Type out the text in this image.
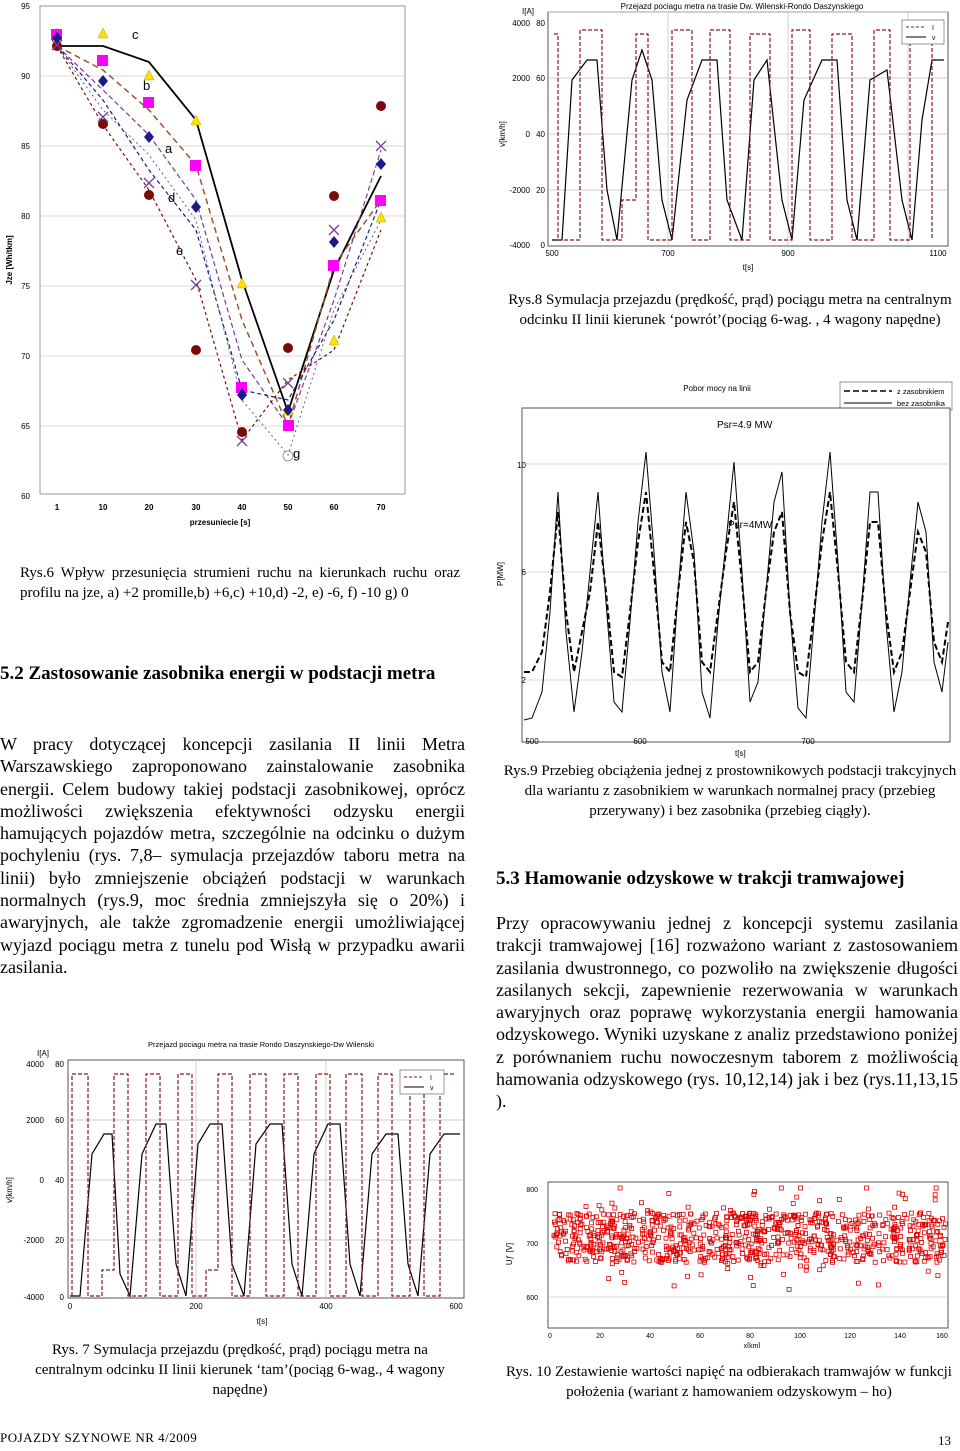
95
90
85
80
75
70
65
60
1	10	20	30	40	50	60	70
przesuniecie [s]
Jze [Wh/tkm]
a
b
c
d
e
g
Przejazd pociagu metra na trasie Dw. Wilenski-Rondo Daszynskiego
I[A]
4000
2000
0
-2000
-4000
80
60
40
20
0
v[km/h]
500	700	900	1100
t[s]
I
v
Rys.8 Symulacja przejazdu (prędkość, prąd) pociągu metra na centralnym odcinku II linii kierunek ‘powrót’(pociąg 6-wag. , 4 wagony napędne)
Pobor mocy na linii	z zasobnikiem
bez zasobnika
Psr=4.9 MW
Psr=4MW
10
6
2
P[MW]
500	600	700
t[s]
Rys.9 Przebieg obciążenia jednej z prostownikowych podstacji trakcyjnych dla wariantu z zasobnikiem w warunkach normalnej pracy (przebieg przerywany) i bez zasobnika (przebieg ciągły).
Rys.6 Wpływ przesunięcia strumieni ruchu na kierunkach ruchu oraz profilu na jze, a) +2 promille,b) +6,c) +10,d) -2, e) -6, f) -10 g) 0
5.2 Zastosowanie zasobnika energii w podstacji metra
W pracy dotyczącej koncepcji zasilania II linii Metra Warszawskiego zaproponowano zainstalowanie zasobnika energii. Celem budowy takiej podstacji zasobnikowej, oprócz możliwości zwiększenia efektywności odzysku energii hamujących pojazdów metra, szczególnie na odcinku o dużym pochyleniu (rys. 7,8– symulacja przejazdów taboru metra na linii) było zmniejszenie obciążeń podstacji w warunkach normalnych (rys.9, moc średnia zmniejszyła się o 20%) i awaryjnych, ale także zgromadzenie energii umożliwiającej wyjazd pociągu metra z tunelu pod Wisłą w przypadku awarii zasilania.
Przejazd pociagu metra na trasie Rondo Daszynskiego-Dw Wilenski
I[A]
4000
2000
0
-2000
-4000
80
60
40
20
0
v[km/h]
0	200	400	600
t[s]
I
v
Rys. 7 Symulacja przejazdu (prędkość, prąd) pociągu metra na centralnym odcinku II linii kierunek ‘tam’(pociąg 6-wag., 4 wagony napędne)
5.3 Hamowanie odzyskowe w trakcji tramwajowej
Przy opracowywaniu jednej z koncepcji systemu zasilania trakcji tramwajowej [16] rozważono wariant z zastosowaniem zasilania dwustronnego, co pozwoliło na zwiększenie długości zasilanych sekcji, zapewnienie rezerwowania w warunkach awaryjnych oraz poprawę wykorzystania energii hamowania odzyskowego. Wyniki uzyskane z analiz przedstawiono poniżej z porównaniem ruchu nowoczesnym taborem z możliwością hamowania odzyskowego (rys. 10,12,14) jak i bez (rys.11,13,15 ).
800
700
600
Uƒ [V]
0	20	40	60	80	100	120	140	160
x[km]
Rys. 10 Zestawienie wartości napięć na odbierakach tramwajów w funkcji położenia (wariant z hamowaniem odzyskowym – ho)
POJAZDY SZYNOWE NR 4/2009	13
